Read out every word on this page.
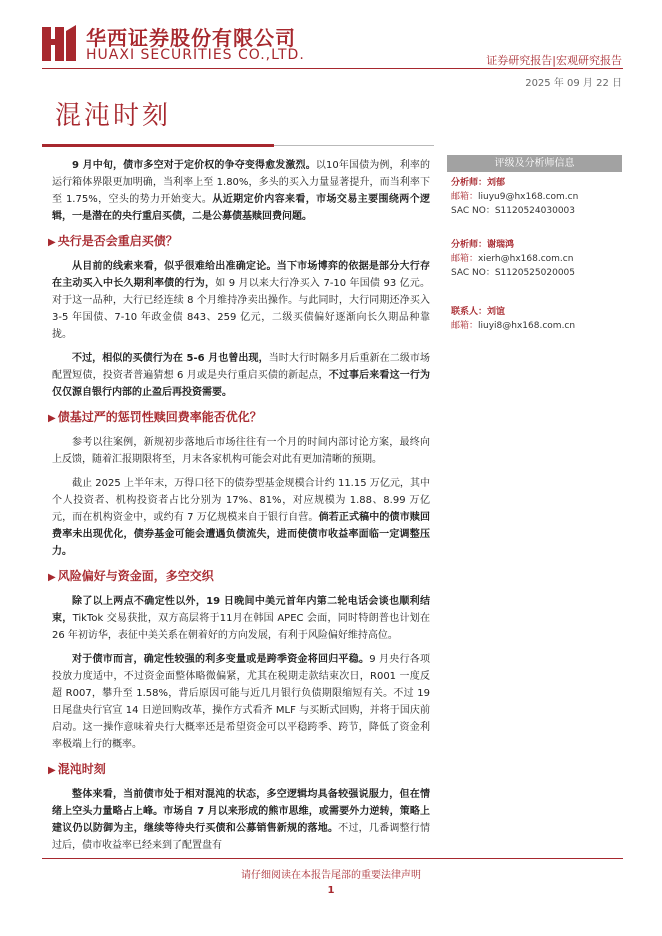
华西证券股份有限公司
HUAXI SECURITIES CO.,LTD.	证券研究报告|宏观研究报告
2025 年 09 月 22 日
混沌时刻

9 月中旬，债市多空对于定价权的争夺变得愈发激烈。以10年国债为例，利率的运行箱体界限更加明确，当利率上至 1.80%，多头的买入力量显著提升，而当利率下至 1.75%，空头的势力开始变大。从近期定价内容来看，市场交易主要围绕两个逻辑，一是潜在的央行重启买债，二是公募债基赎回费问题。

▶ 央行是否会重启买债？

从目前的线索来看，似乎很难给出准确定论。当下市场博弈的依据是部分大行存在主动买入中长久期利率债的行为，如 9 月以来大行净买入 7-10 年国债 93 亿元。对于这一品种，大行已经连续 8 个月维持净卖出操作。与此同时，大行同期还净买入 3-5 年国债、7-10 年政金债 843、259 亿元，二级买债偏好逐渐向长久期品种靠拢。

不过，相似的买债行为在 5-6 月也曾出现，当时大行时隔多月后重新在二级市场配置短债，投资者普遍猜想 6 月或是央行重启买债的新起点，不过事后来看这一行为仅仅源自银行内部的止盈后再投资需要。

▶ 债基过严的惩罚性赎回费率能否优化？

参考以往案例，新规初步落地后市场往往有一个月的时间内部讨论方案，最终向上反馈，随着汇报期限将至，月末各家机构可能会对此有更加清晰的预期。

截止 2025 上半年末，万得口径下的债券型基金规模合计约 11.15 万亿元，其中个人投资者、机构投资者占比分别为 17%、81%，对应规模为 1.88、8.99 万亿元，而在机构资金中，或约有 7 万亿规模来自于银行自营。倘若正式稿中的债市赎回费率未出现优化，债券基金可能会遭遇负债流失，进而使债市收益率面临一定调整压力。

▶ 风险偏好与资金面，多空交织

除了以上两点不确定性以外，19 日晚间中美元首年内第二轮电话会谈也顺利结束，TikTok 交易获批，双方高层将于11月在韩国 APEC 会面，同时特朗普也计划在 26 年初访华，表征中美关系在朝着好的方向发展，有利于风险偏好维持高位。

对于债市而言，确定性较强的利多变量或是跨季资金将回归平稳。9 月央行各项投放力度适中，不过资金面整体略微偏紧，尤其在税期走款结束次日，R001 一度反超 R007，攀升至 1.58%，背后原因可能与近几月银行负债期限缩短有关。不过 19 日尾盘央行官宣 14 日逆回购改革，操作方式看齐 MLF 与买断式回购，并将于国庆前启动。这一操作意味着央行大概率还是希望资金可以平稳跨季、跨节，降低了资金利率极端上行的概率。

▶ 混沌时刻

整体来看，当前债市处于相对混沌的状态，多空逻辑均具备较强说服力，但在情绪上空头力量略占上峰。市场自 7 月以来形成的熊市思维，或需要外力逆转，策略上建议仍以防御为主，继续等待央行买债和公募销售新规的落地。不过，几番调整行情过后，债市收益率已经来到了配置盘有

评级及分析师信息
分析师：刘郁
邮箱：liuyu9@hx168.com.cn
SAC NO：S1120524030003
分析师：谢瑞鸿
邮箱：xierh@hx168.com.cn
SAC NO：S1120525020005
联系人：刘谊
邮箱：liuyi8@hx168.com.cn
请仔细阅读在本报告尾部的重要法律声明
1
